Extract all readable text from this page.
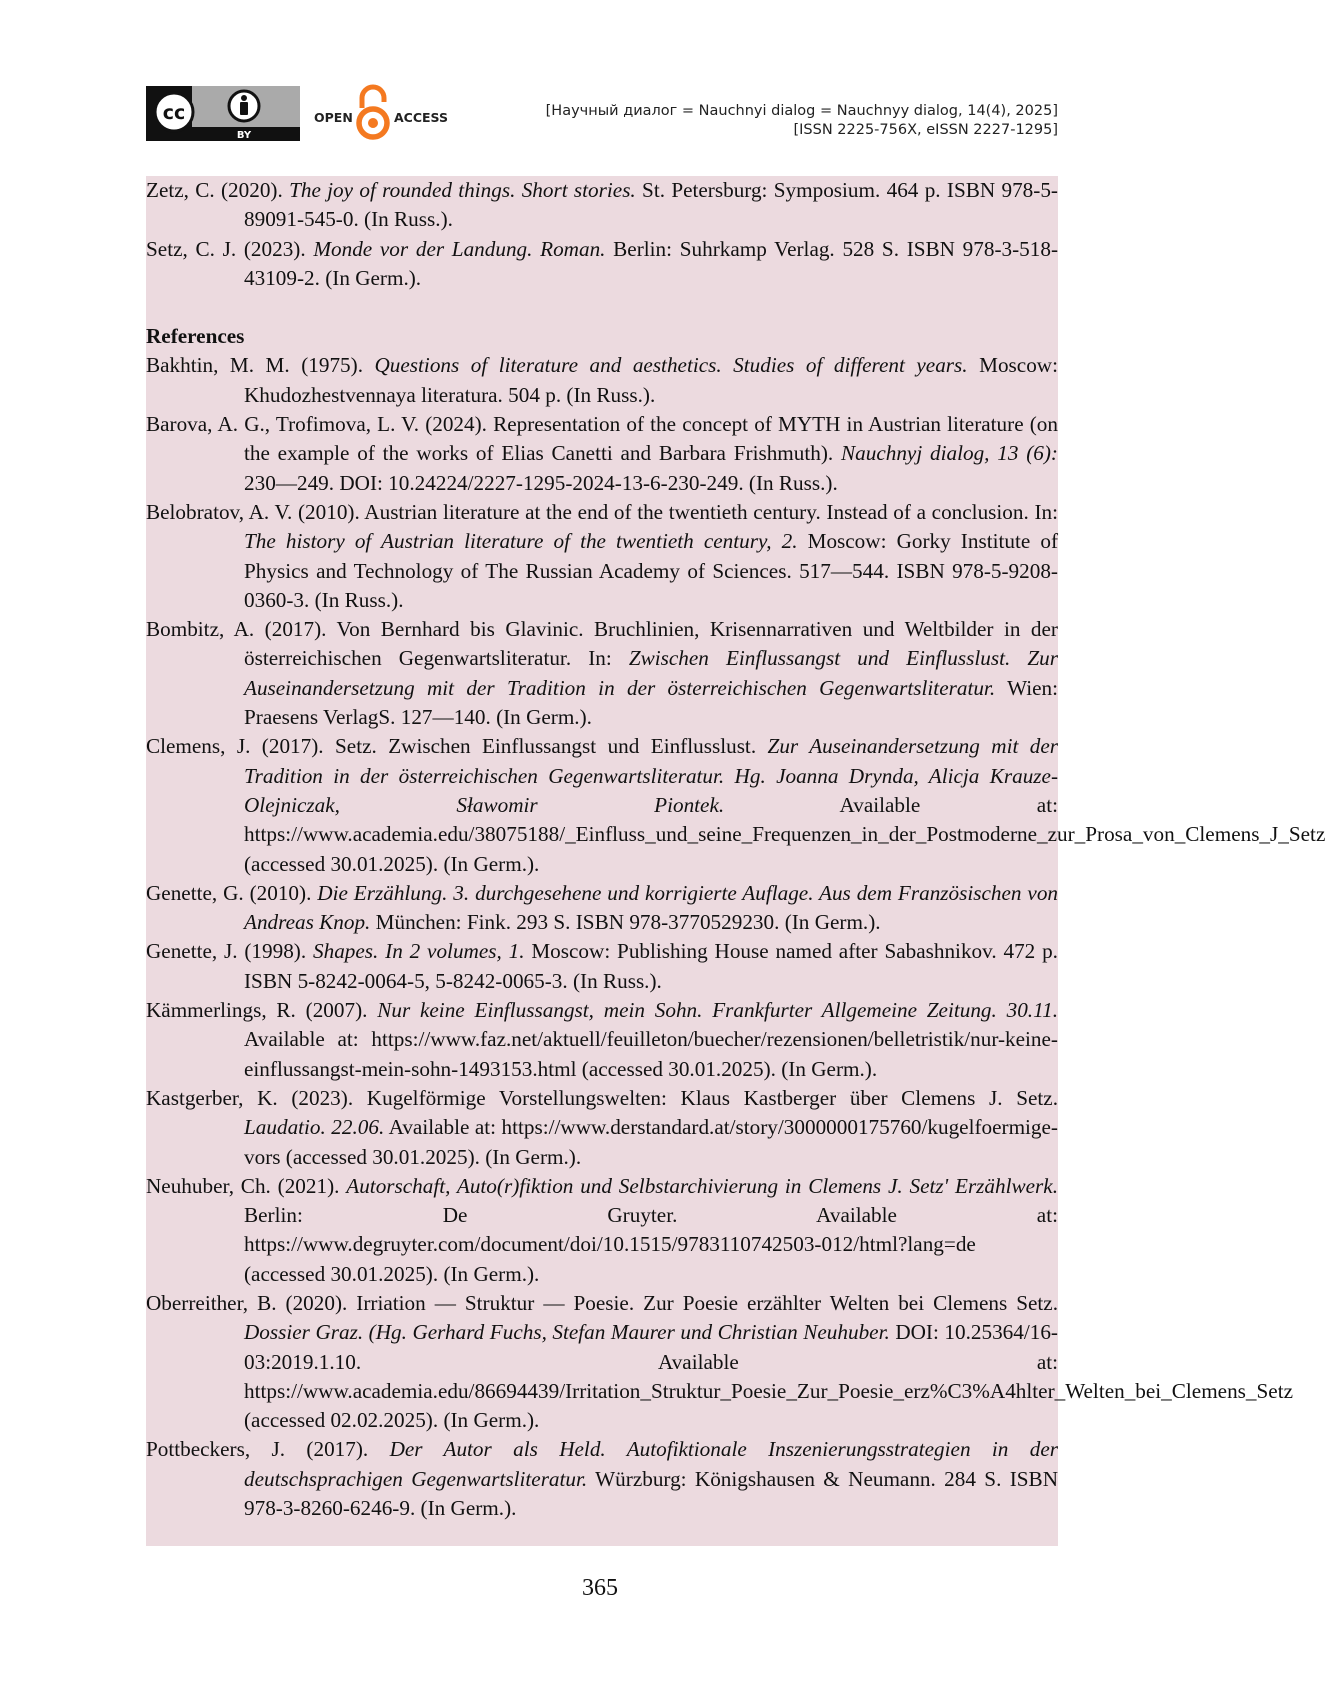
cc
BY
OPEN	ACCESS	[Научный диалог = Nauchnyi dialog = Nauchnyy dialog, 14(4), 2025]
[ISSN 2225-756X, eISSN 2227-1295]
Zetz, C. (2020). The joy of rounded things. Short stories. St. Petersburg: Symposium. 464 p. ISBN 978-5-89091-545-0. (In Russ.).
Setz, C. J. (2023). Monde vor der Landung. Roman. Berlin: Suhrkamp Verlag. 528 S. ISBN 978-3-518-43109-2. (In Germ.).

References

Bakhtin, M. M. (1975). Questions of literature and aesthetics. Studies of different years. Moscow: Khudozhestvennaya literatura. 504 p. (In Russ.).
Barova, A. G., Trofimova, L. V. (2024). Representation of the concept of MYTH in Austrian literature (on the example of the works of Elias Canetti and Barbara Frishmuth). Nauchnyj dialog, 13 (6): 230—249. DOI: 10.24224/2227-1295-2024-13-6-230-249. (In Russ.).
Belobratov, A. V. (2010). Austrian literature at the end of the twentieth century. Instead of a conclusion. In: The history of Austrian literature of the twentieth century, 2. Moscow: Gorky Institute of Physics and Technology of The Russian Academy of Sciences. 517—544. ISBN 978-5-9208-0360-3. (In Russ.).
Bombitz, A. (2017). Von Bernhard bis Glavinic. Bruchlinien, Krisennarrativen und Weltbilder in der österreichischen Gegenwartsliteratur. In: Zwischen Einflussangst und Einflusslust. Zur Auseinandersetzung mit der Tradition in der österreichischen Gegenwartsliteratur. Wien: Praesens VerlagS. 127—140. (In Germ.).
Clemens, J. (2017). Setz. Zwischen Einflussangst und Einflusslust. Zur Auseinandersetzung mit der Tradition in der österreichischen Gegenwartsliteratur. Hg. Joanna Drynda, Alicja Krauze-Olejniczak, Sławomir Piontek. Available at: https://www.academia.edu/38075188/_Einfluss_und_seine_Frequenzen_in_der_Postmoderne_zur_Prosa_von_Clemens_J_Setz (accessed 30.01.2025). (In Germ.).
Genette, G. (2010). Die Erzählung. 3. durchgesehene und korrigierte Auflage. Aus dem Französischen von Andreas Knop. München: Fink. 293 S. ISBN 978-3770529230. (In Germ.).
Genette, J. (1998). Shapes. In 2 volumes, 1. Moscow: Publishing House named after Sabashnikov. 472 p. ISBN 5-8242-0064-5, 5-8242-0065-3. (In Russ.).
Kämmerlings, R. (2007). Nur keine Einflussangst, mein Sohn. Frankfurter Allgemeine Zeitung. 30.11. Available at: https://www.faz.net/aktuell/feuilleton/buecher/rezensionen/belletristik/nur-keine-einflussangst-mein-sohn-1493153.html (accessed 30.01.2025). (In Germ.).
Kastgerber, K. (2023). Kugelförmige Vorstellungswelten: Klaus Kastberger über Clemens J. Setz. Laudatio. 22.06. Available at: https://www.derstandard.at/story/3000000175760/kugelfoermige-vors (accessed 30.01.2025). (In Germ.).
Neuhuber, Ch. (2021). Autorschaft, Auto(r)fiktion und Selbstarchivierung in Clemens J. Setz' Erzählwerk. Berlin: De Gruyter. Available at: https://www.degruyter.com/document/doi/10.1515/9783110742503-012/html?lang=de (accessed 30.01.2025). (In Germ.).
Oberreither, B. (2020). Irriation — Struktur — Poesie. Zur Poesie erzählter Welten bei Clemens Setz. Dossier Graz. (Hg. Gerhard Fuchs, Stefan Maurer und Christian Neuhuber. DOI: 10.25364/16-03:2019.1.10. Available at: https://www.academia.edu/86694439/Irritation_Struktur_Poesie_Zur_Poesie_erz%C3%A4hlter_Welten_bei_Clemens_Setz (accessed 02.02.2025). (In Germ.).
Pottbeckers, J. (2017). Der Autor als Held. Autofiktionale Inszenierungsstrategien in der deutschsprachigen Gegenwartsliteratur. Würzburg: Königshausen & Neumann. 284 S. ISBN 978-3-8260-6246-9. (In Germ.).
365
